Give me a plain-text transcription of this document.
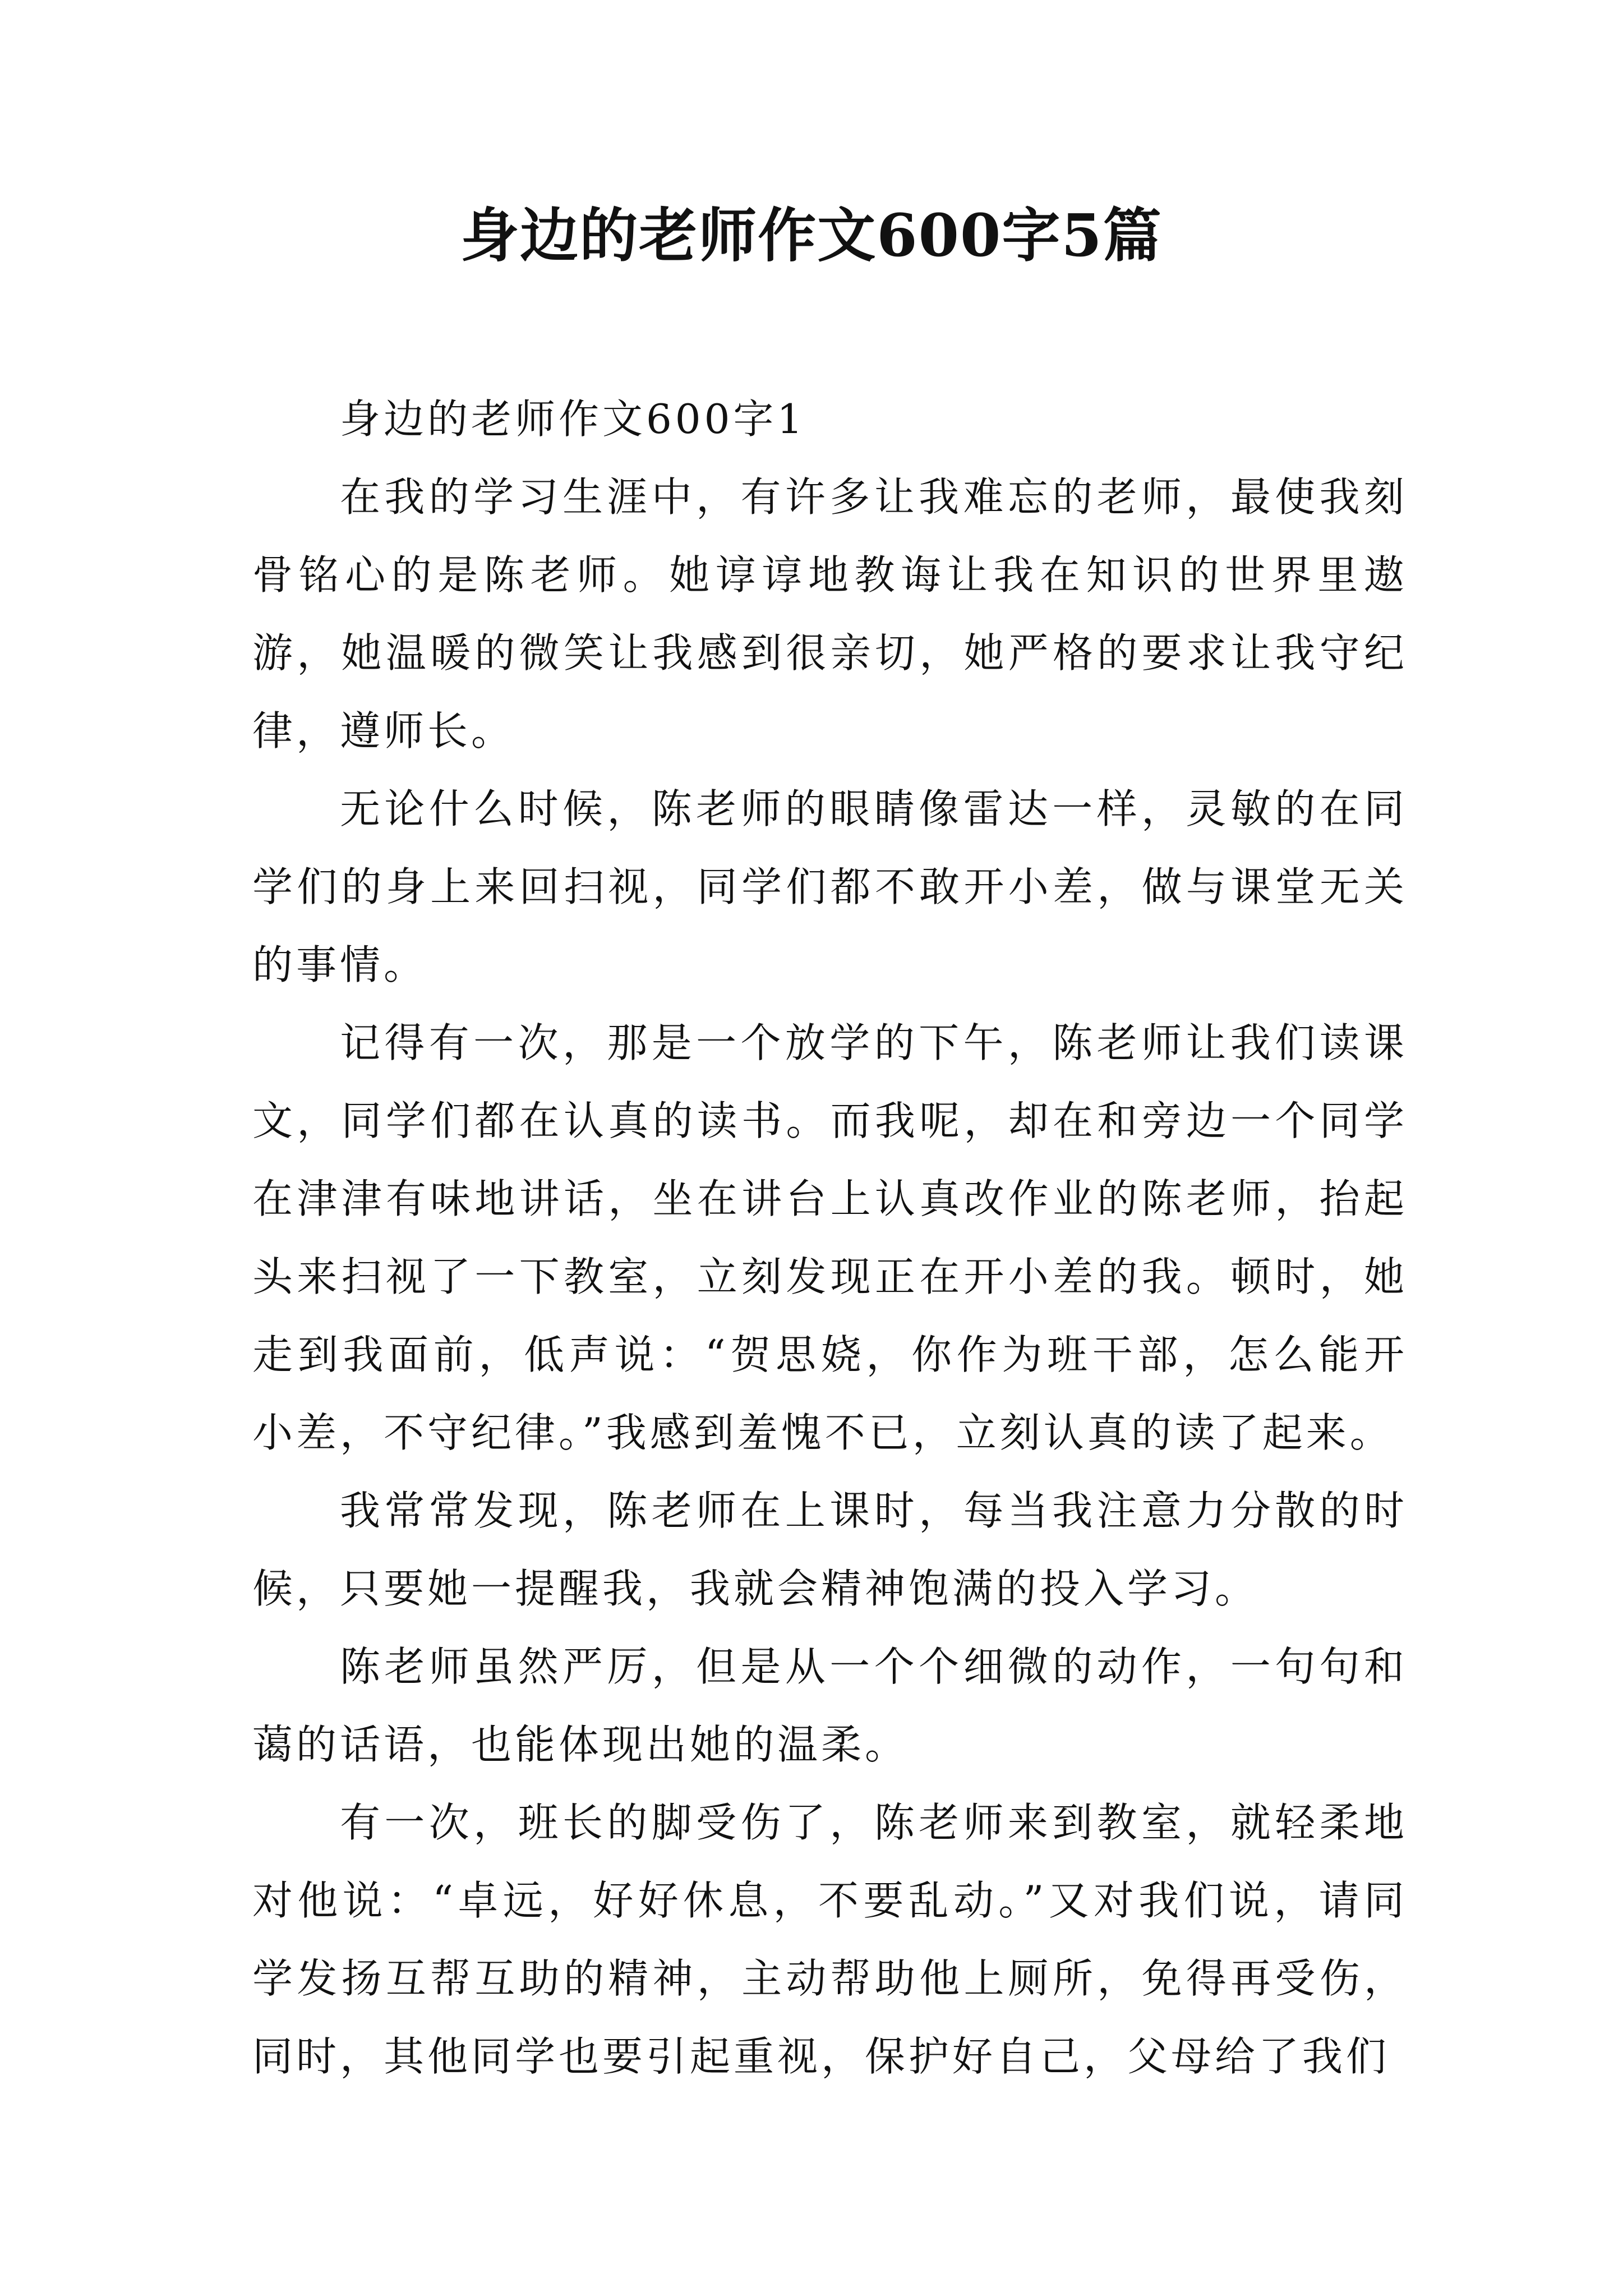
身边的老师作文600字5篇

身边的老师作文600字1

在我的学习生涯中，有许多让我难忘的老师，最使我刻骨铭心的是陈老师。她谆谆地教诲让我在知识的世界里遨游，她温暖的微笑让我感到很亲切，她严格的要求让我守纪律，遵师长。

无论什么时候，陈老师的眼睛像雷达一样，灵敏的在同学们的身上来回扫视，同学们都不敢开小差，做与课堂无关的事情。

记得有一次，那是一个放学的下午，陈老师让我们读课文，同学们都在认真的读书。而我呢，却在和旁边一个同学在津津有味地讲话，坐在讲台上认真改作业的陈老师，抬起头来扫视了一下教室，立刻发现正在开小差的我。顿时，她走到我面前，低声说：“贺思娆，你作为班干部，怎么能开小差，不守纪律。”我感到羞愧不已，立刻认真的读了起来。

我常常发现，陈老师在上课时，每当我注意力分散的时候，只要她一提醒我，我就会精神饱满的投入学习。

陈老师虽然严厉，但是从一个个细微的动作，一句句和蔼的话语，也能体现出她的温柔。

有一次，班长的脚受伤了，陈老师来到教室，就轻柔地对他说：“卓远，好好休息，不要乱动。”又对我们说，请同学发扬互帮互助的精神，主动帮助他上厕所，免得再受伤，同时，其他同学也要引起重视，保护好自己，父母给了我们
